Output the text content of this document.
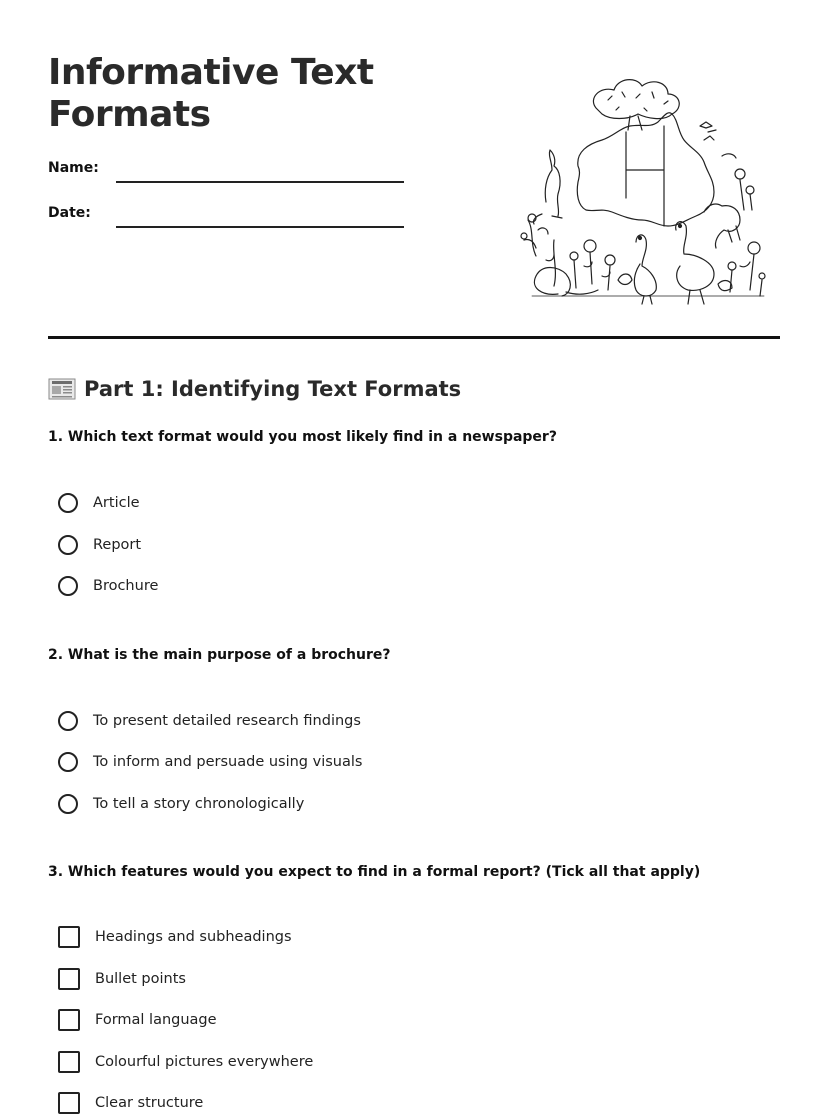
Informative Text Formats
Name:
Date:
Part 1: Identifying Text Formats
1. Which text format would you most likely find in a newspaper?
Article
Report
Brochure
2. What is the main purpose of a brochure?
To present detailed research findings
To inform and persuade using visuals
To tell a story chronologically
3. Which features would you expect to find in a formal report? (Tick all that apply)
Headings and subheadings
Bullet points
Formal language
Colourful pictures everywhere
Clear structure
